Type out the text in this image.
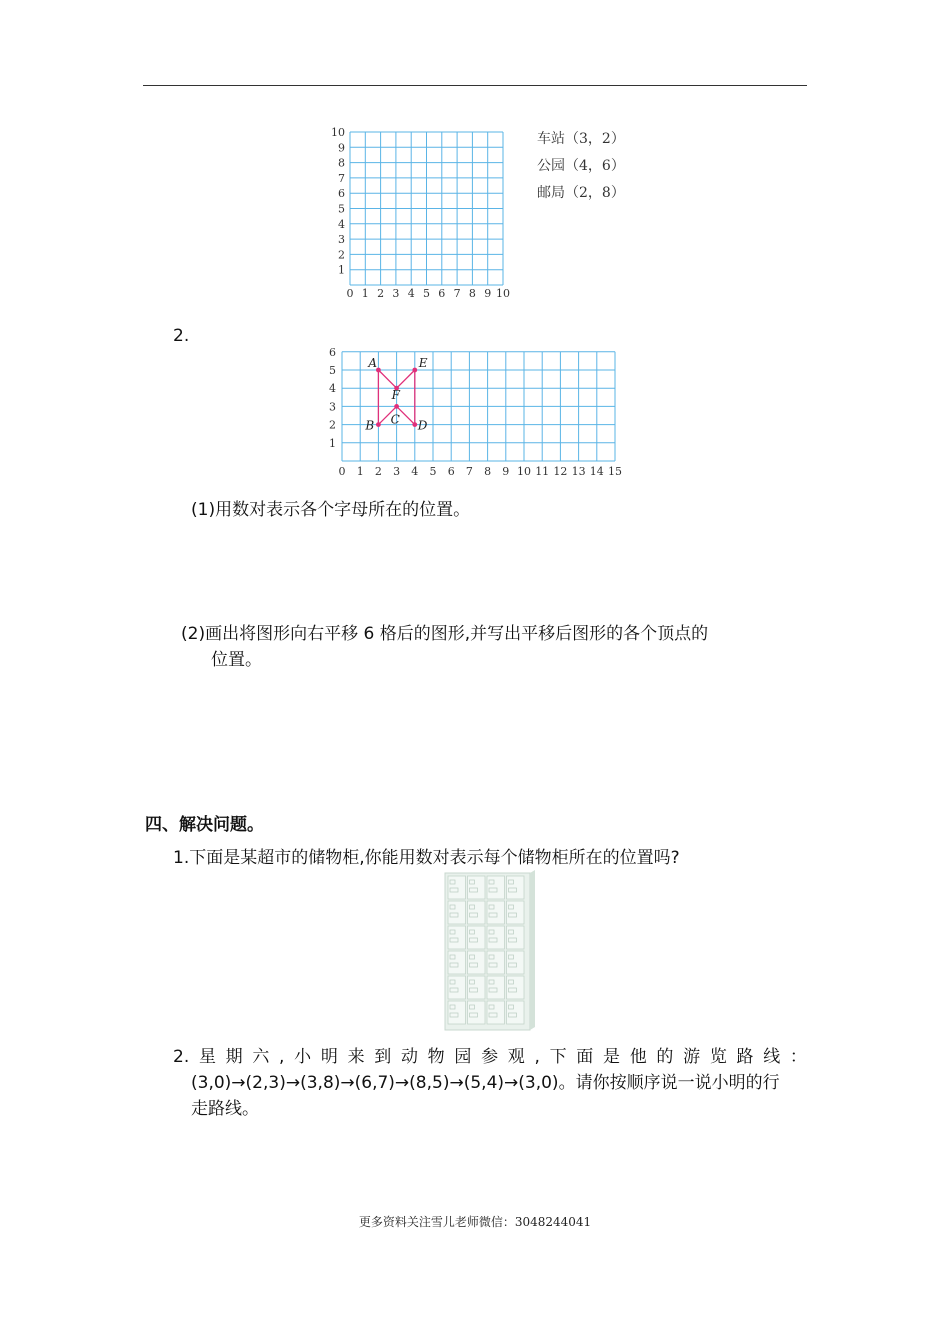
0 1 2 3 4 5 6 7 8 9 10
1
2
3
4
5
6
7
8
9
10	车站（3，2）
公园（4，6）
邮局（2，8）
2.
0 1 2 3 4 5 6 7 8 9 10 11 12 13 14 15
1
2
3
4
5
6
A	E
F
C
B	D
(1)用数对表示各个字母所在的位置。
(2)画出将图形向右平移 6 格后的图形,并写出平移后图形的各个顶点的
位置。
四、解决问题。
1.下面是某超市的储物柜,你能用数对表示每个储物柜所在的位置吗?
2. 星 期 六 , 小 明 来 到 动 物 园 参 观 , 下 面 是 他 的 游 览 路 线 ：
(3,0)→(2,3)→(3,8)→(6,7)→(8,5)→(5,4)→(3,0)。请你按顺序说一说小明的行
走路线。
更多资料关注雪儿老师微信：3048244041
